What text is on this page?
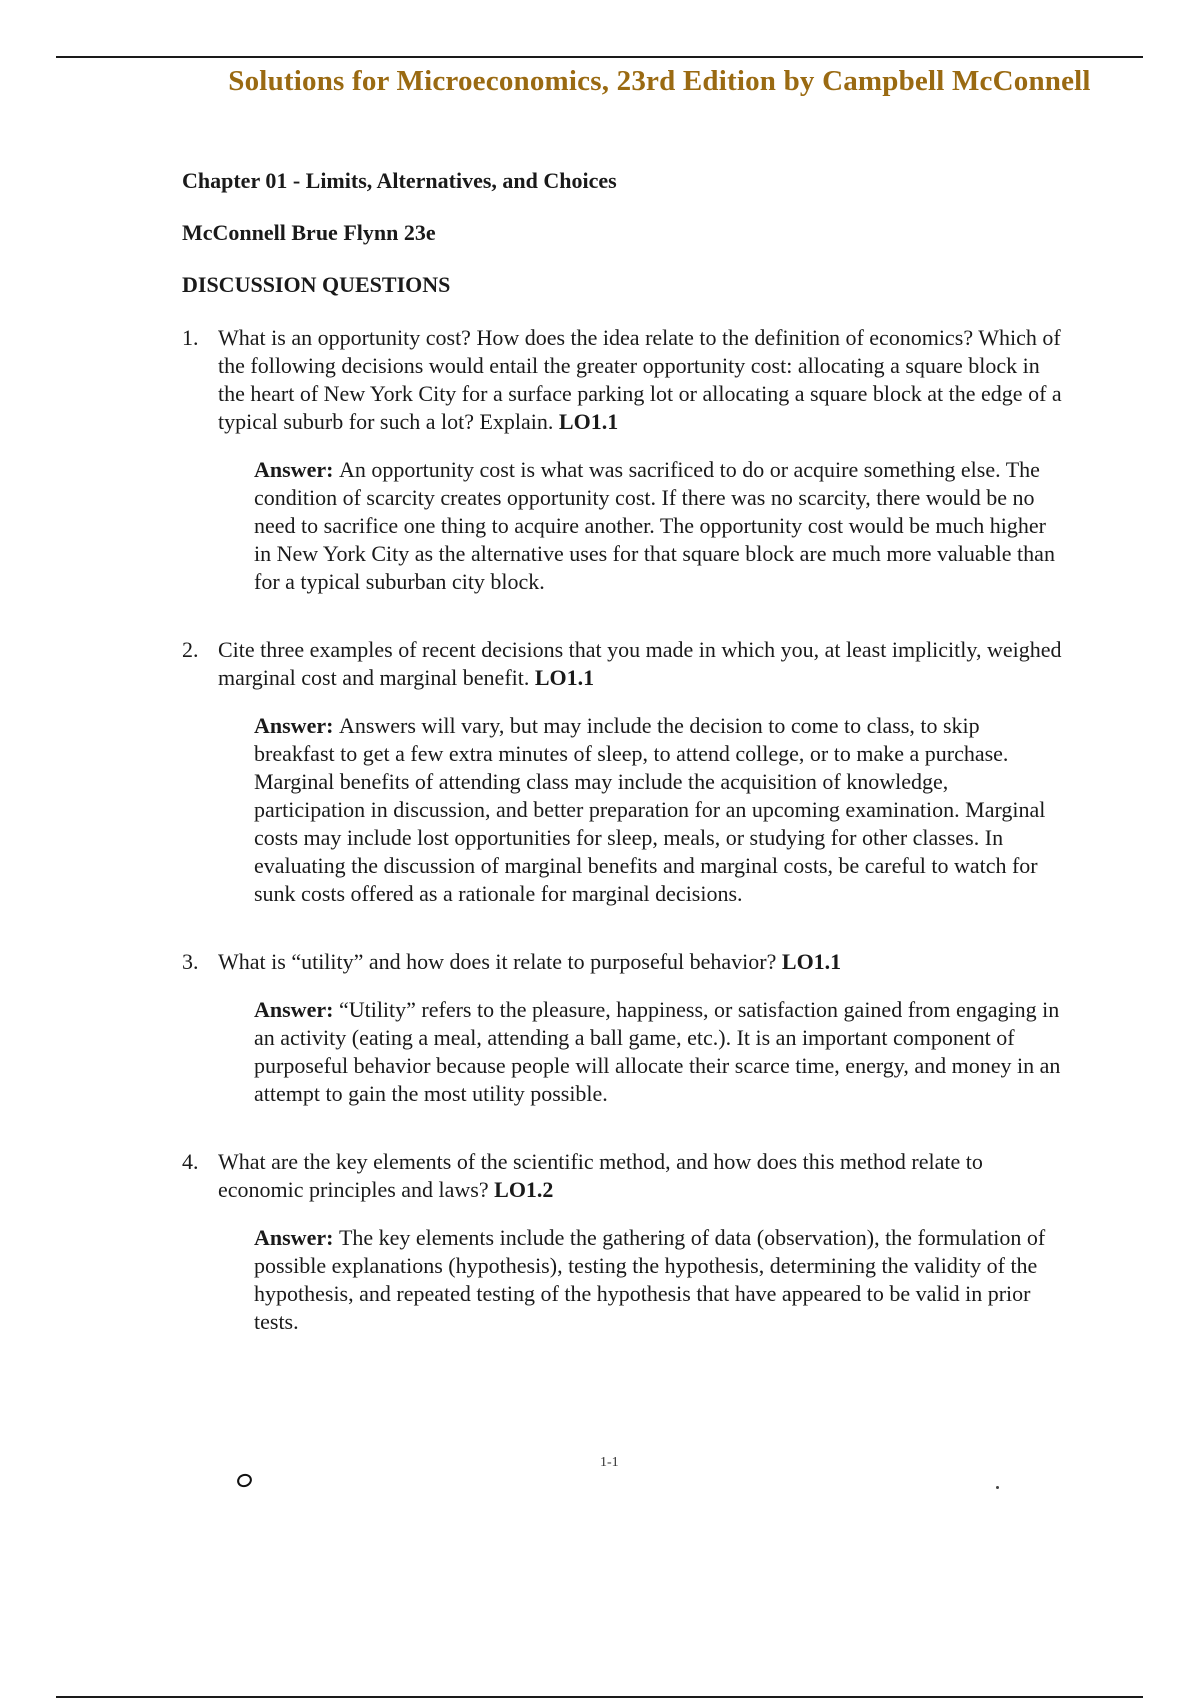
Solutions for Microeconomics, 23rd Edition by Campbell McConnell
Chapter 01 - Limits, Alternatives, and Choices
McConnell Brue Flynn 23e
DISCUSSION QUESTIONS
1. What is an opportunity cost? How does the idea relate to the definition of economics? Which of the following decisions would entail the greater opportunity cost: allocating a square block in the heart of New York City for a surface parking lot or allocating a square block at the edge of a typical suburb for such a lot? Explain. LO1.1
Answer: An opportunity cost is what was sacrificed to do or acquire something else. The condition of scarcity creates opportunity cost. If there was no scarcity, there would be no need to sacrifice one thing to acquire another. The opportunity cost would be much higher in New York City as the alternative uses for that square block are much more valuable than for a typical suburban city block.
2. Cite three examples of recent decisions that you made in which you, at least implicitly, weighed marginal cost and marginal benefit. LO1.1
Answer: Answers will vary, but may include the decision to come to class, to skip breakfast to get a few extra minutes of sleep, to attend college, or to make a purchase. Marginal benefits of attending class may include the acquisition of knowledge, participation in discussion, and better preparation for an upcoming examination. Marginal costs may include lost opportunities for sleep, meals, or studying for other classes. In evaluating the discussion of marginal benefits and marginal costs, be careful to watch for sunk costs offered as a rationale for marginal decisions.
3. What is “utility” and how does it relate to purposeful behavior? LO1.1
Answer: “Utility” refers to the pleasure, happiness, or satisfaction gained from engaging in an activity (eating a meal, attending a ball game, etc.). It is an important component of purposeful behavior because people will allocate their scarce time, energy, and money in an attempt to gain the most utility possible.
4. What are the key elements of the scientific method, and how does this method relate to economic principles and laws? LO1.2
Answer: The key elements include the gathering of data (observation), the formulation of possible explanations (hypothesis), testing the hypothesis, determining the validity of the hypothesis, and repeated testing of the hypothesis that have appeared to be valid in prior tests.
1-1
